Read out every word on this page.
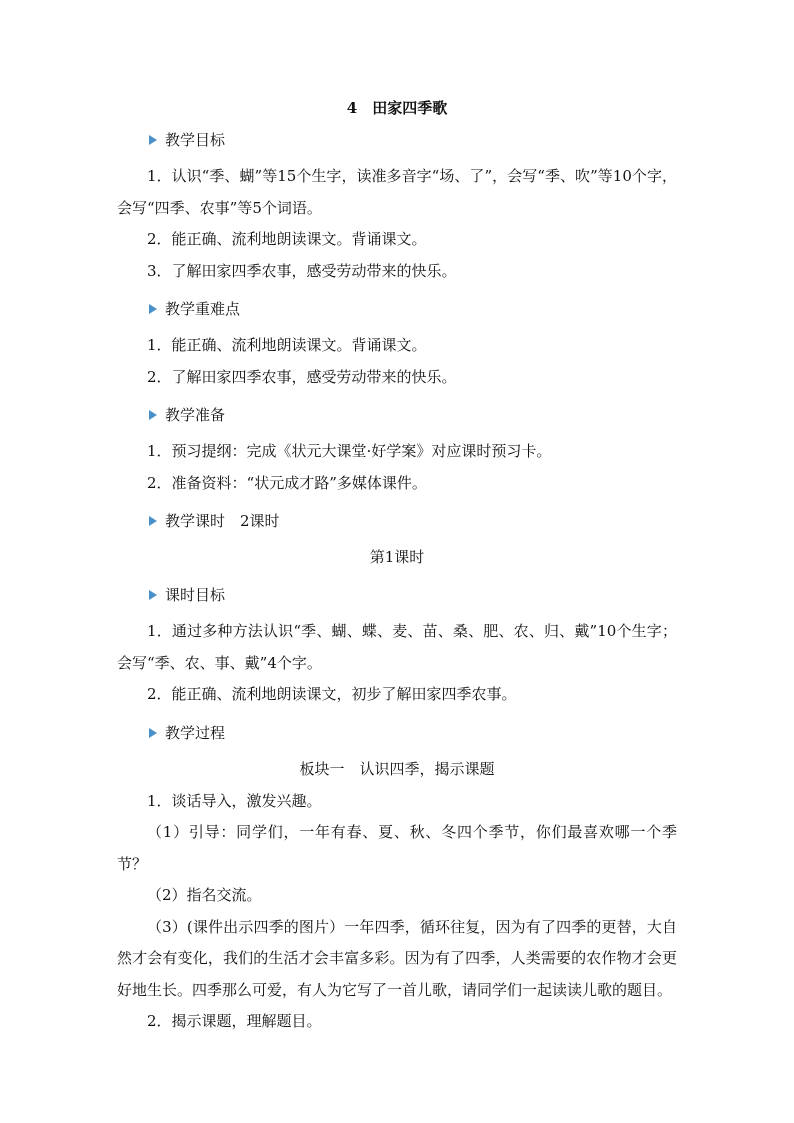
4　田家四季歌
教学目标

1．认识“季、蝴”等15个生字，读准多音字“场、了”，会写“季、吹”等10个字，会写“四季、农事”等5个词语。

2．能正确、流利地朗读课文。背诵课文。

3．了解田家四季农事，感受劳动带来的快乐。

教学重难点

1．能正确、流利地朗读课文。背诵课文。

2．了解田家四季农事，感受劳动带来的快乐。

教学准备

1．预习提纲：完成《状元大课堂·好学案》对应课时预习卡。

2．准备资料：“状元成才路”多媒体课件。

教学课时　2课时
第1课时
课时目标

1．通过多种方法认识“季、蝴、蝶、麦、苗、桑、肥、农、归、戴”10个生字；会写“季、农、事、戴”4个字。

2．能正确、流利地朗读课文，初步了解田家四季农事。

教学过程
板块一　认识四季，揭示课题

1．谈话导入，激发兴趣。

（1）引导：同学们，一年有春、夏、秋、冬四个季节，你们最喜欢哪一个季节？

（2）指名交流。

（3）(课件出示四季的图片）一年四季，循环往复，因为有了四季的更替，大自然才会有变化，我们的生活才会丰富多彩。因为有了四季，人类需要的农作物才会更好地生长。四季那么可爱，有人为它写了一首儿歌，请同学们一起读读儿歌的题目。

2．揭示课题，理解题目。
